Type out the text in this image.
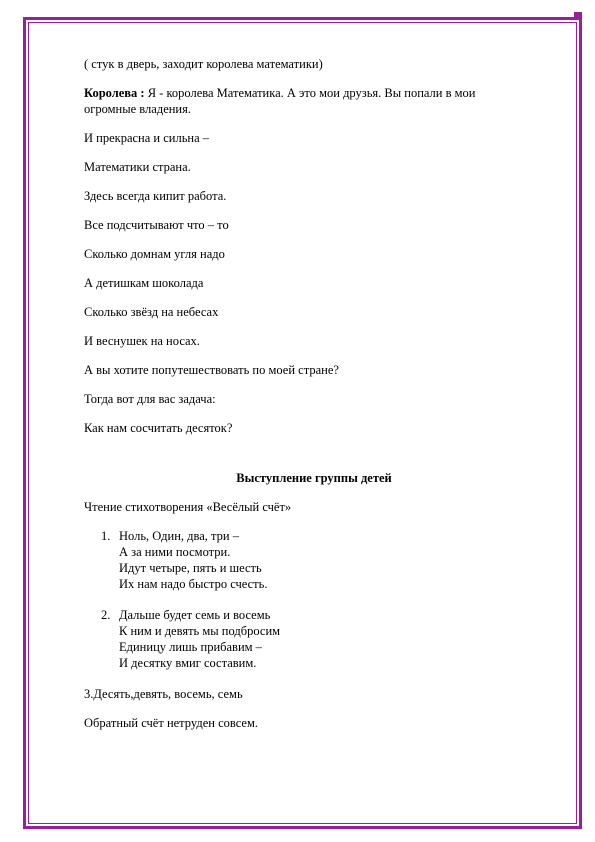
( стук в дверь, заходит королева математики)

Королева : Я - королева Математика. А это мои друзья. Вы попали в мои
огромные владения.

И прекрасна и сильна –

Математики страна.

Здесь всегда кипит работа.

Все подсчитывают что – то

Сколько домнам угля надо

А детишкам шоколада

Сколько звёзд на небесах

И веснушек на носах.

А вы хотите попутешествовать по моей стране?

Тогда вот для вас задача:

Как нам сосчитать десяток?

Выступление группы детей

Чтение стихотворения «Весёлый счёт»

1. Ноль, Один, два, три –
А за ними посмотри.
Идут четыре, пять и шесть
Их нам надо быстро счесть.
2. Дальше будет семь и восемь
К ним и девять мы подбросим
Единицу лишь прибавим –
И десятку вмиг составим.

3.Десять,девять, восемь, семь

Обратный счёт нетруден совсем.
